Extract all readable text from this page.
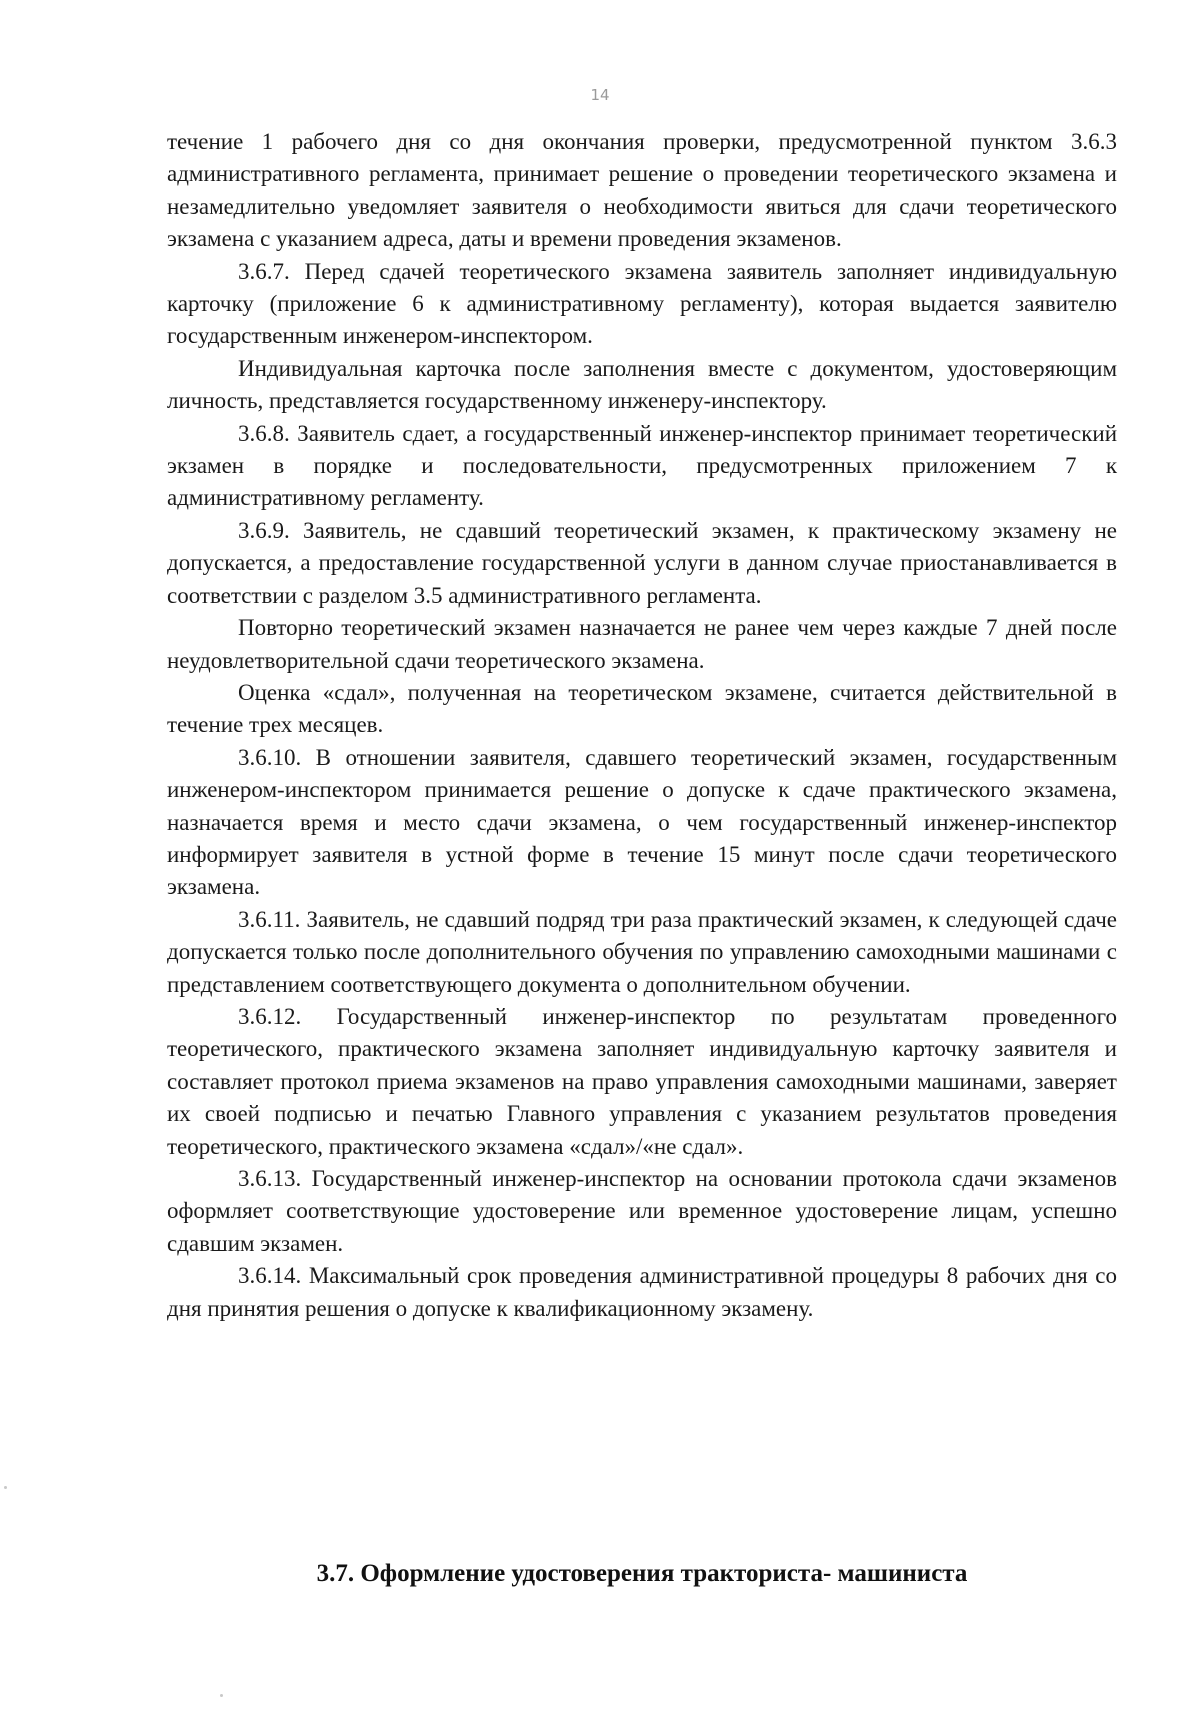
14

течение 1 рабочего дня со дня окончания проверки, предусмотренной пунктом 3.6.3 административного регламента, принимает решение о проведении теоретического экзамена и незамедлительно уведомляет заявителя о необходимости явиться для сдачи теоретического экзамена с указанием адреса, даты и времени проведения экзаменов.

3.6.7. Перед сдачей теоретического экзамена заявитель заполняет индивидуальную карточку (приложение 6 к административному регламенту), которая выдается заявителю государственным инженером-инспектором.

Индивидуальная карточка после заполнения вместе с документом, удостоверяющим личность, представляется государственному инженеру-инспектору.

3.6.8. Заявитель сдает, а государственный инженер-инспектор принимает теоретический экзамен в порядке и последовательности, предусмотренных приложением 7 к административному регламенту.

3.6.9. Заявитель, не сдавший теоретический экзамен, к практическому экзамену не допускается, а предоставление государственной услуги в данном случае приостанавливается в соответствии с разделом 3.5 административного регламента.

Повторно теоретический экзамен назначается не ранее чем через каждые 7 дней после неудовлетворительной сдачи теоретического экзамена.

Оценка «сдал», полученная на теоретическом экзамене, считается действительной в течение трех месяцев.

3.6.10. В отношении заявителя, сдавшего теоретический экзамен, государственным инженером-инспектором принимается решение о допуске к сдаче практического экзамена, назначается время и место сдачи экзамена, о чем государственный инженер-инспектор информирует заявителя в устной форме в течение 15 минут после сдачи теоретического экзамена.

3.6.11. Заявитель, не сдавший подряд три раза практический экзамен, к следующей сдаче допускается только после дополнительного обучения по управлению самоходными машинами с представлением соответствующего документа о дополнительном обучении.

3.6.12. Государственный инженер-инспектор по результатам проведенного теоретического, практического экзамена заполняет индивидуальную карточку заявителя и составляет протокол приема экзаменов на право управления самоходными машинами, заверяет их своей подписью и печатью Главного управления с указанием результатов проведения теоретического, практического экзамена «сдал»/«не сдал».

3.6.13. Государственный инженер-инспектор на основании протокола сдачи экзаменов оформляет соответствующие удостоверение или временное удостоверение лицам, успешно сдавшим экзамен.

3.6.14. Максимальный срок проведения административной процедуры 8 рабочих дня со дня принятия решения о допуске к квалификационному экзамену.

3.7. Оформление удостоверения тракториста- машиниста
